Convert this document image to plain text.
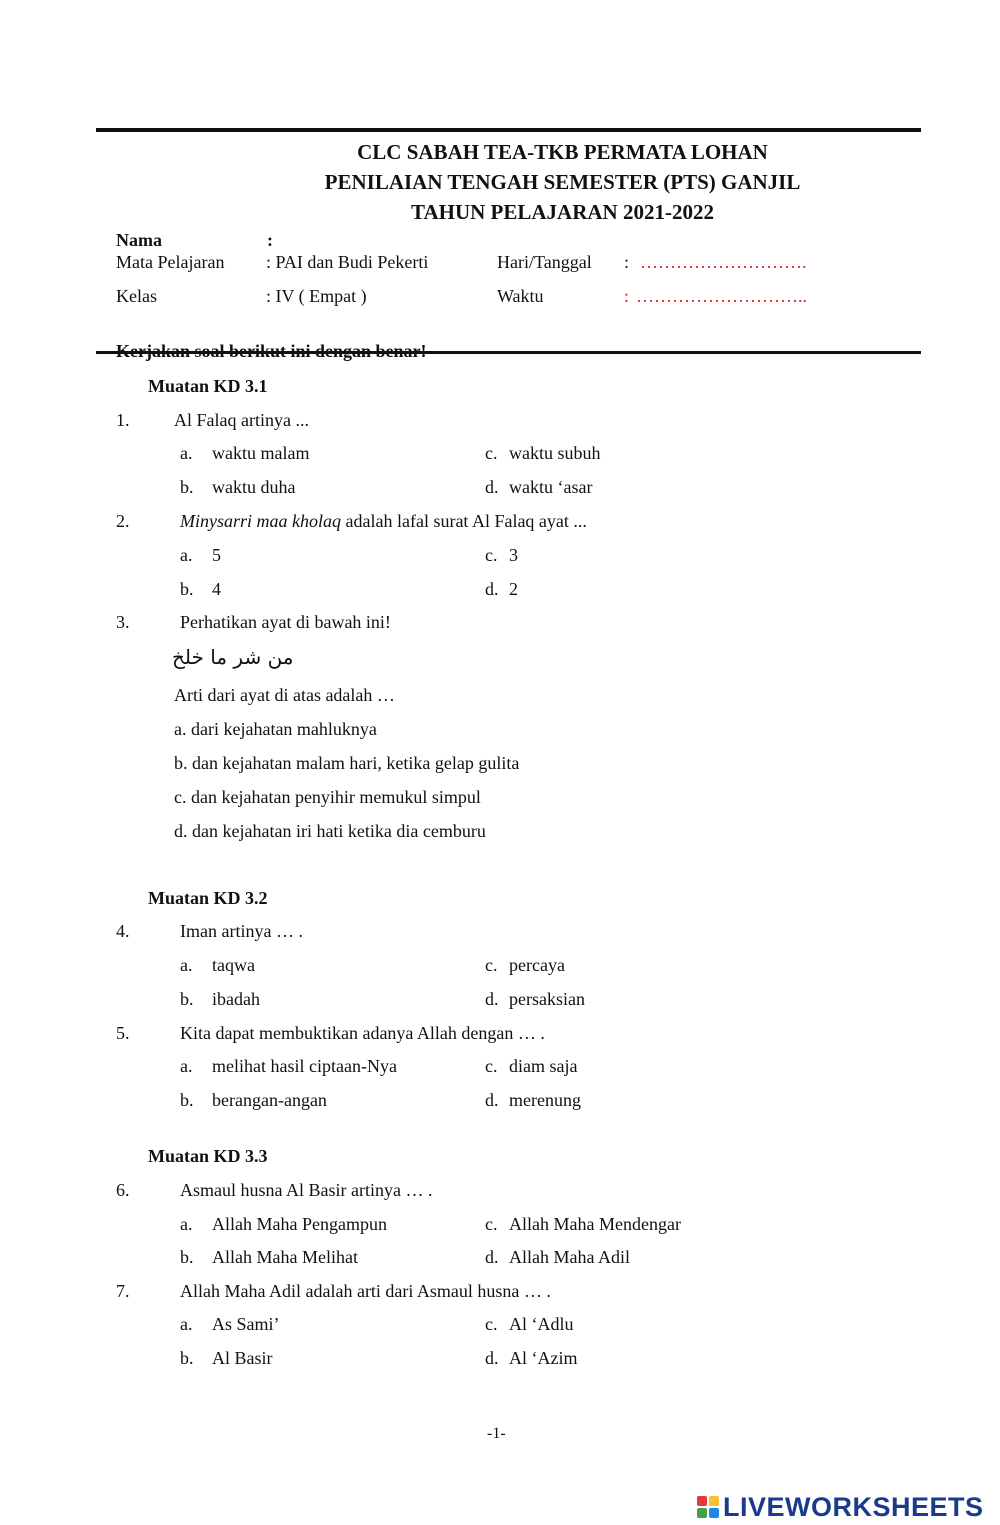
CLC SABAH TEA-TKB PERMATA LOHAN
PENILAIAN TENGAH SEMESTER (PTS) GANJIL
TAHUN PELAJARAN 2021-2022
Nama	:
Mata Pelajaran : PAI dan Budi Pekerti	Hari/Tanggal : ……………………….
Kelas	: IV ( Empat )	Waktu	: ………………………..
Muatan KD 3.1
1. Al Falaq artinya ...
a. waktu malam	c. waktu subuh
b. waktu duha	d. waktu ‘asar
2.	Minysarri maa kholaq adalah lafal surat Al Falaq ayat ...
a. 5	c. 3
b. 4	d. 2
3.	Perhatikan ayat di bawah ini!
من شر ما خلخ
Arti dari ayat di atas adalah …
a. dari kejahatan mahluknya
b. dan kejahatan malam hari, ketika gelap gulita
c. dan kejahatan penyihir memukul simpul
d. dan kejahatan iri hati ketika dia cemburu
Muatan KD 3.2
4.	Iman artinya … .
a. taqwa	c. percaya
b. ibadah	d. persaksian
5.	Kita dapat membuktikan adanya Allah dengan … .
a. melihat hasil ciptaan-Nya	c. diam saja
b. berangan-angan	d. merenung
Muatan KD 3.3
6.	Asmaul husna Al Basir artinya … .
a. Allah Maha Pengampun	c. Allah Maha Mendengar
b. Allah Maha Melihat	d. Allah Maha Adil
7.	Allah Maha Adil adalah arti dari Asmaul husna … .
a. As Sami’	c. Al ‘Adlu
b. Al Basir	d. Al ‘Azim
-1-
LIVEWORKSHEETS
